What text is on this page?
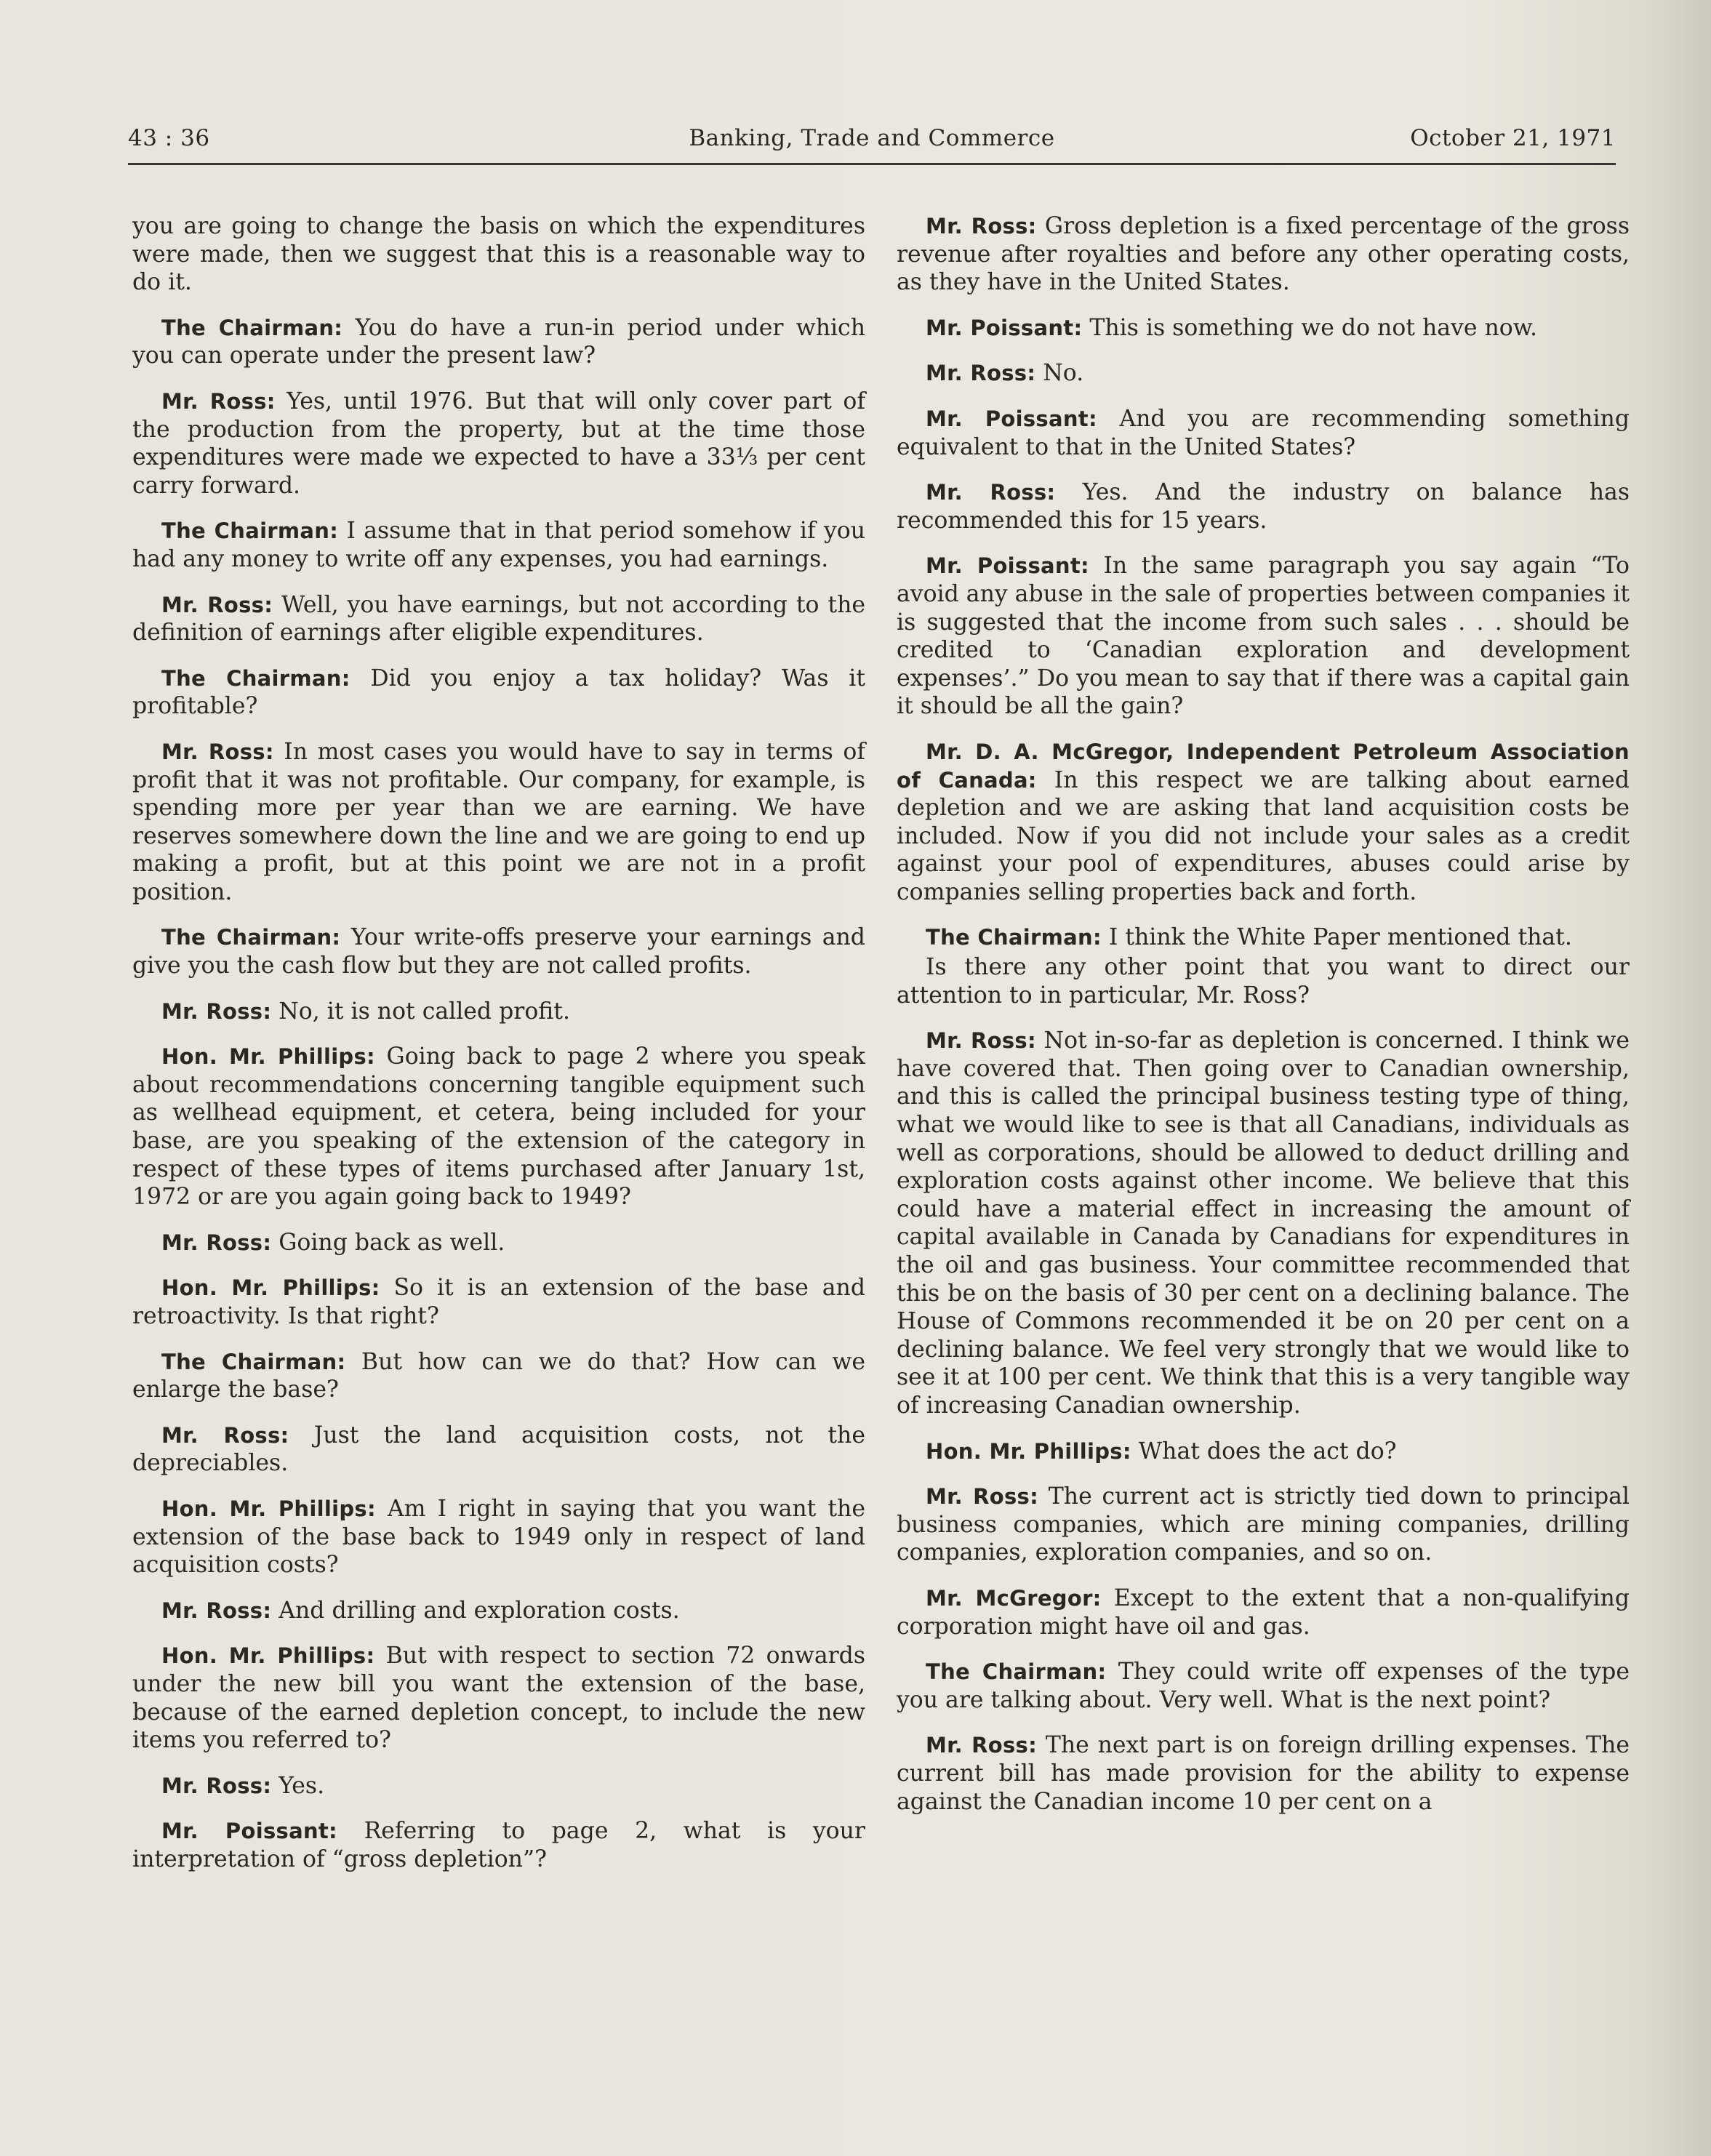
43 : 36	Banking, Trade and Commerce	October 21, 1971

you are going to change the basis on which the expenditures were made, then we suggest that this is a reasonable way to do it.

The Chairman: You do have a run-in period under which you can operate under the present law?

Mr. Ross: Yes, until 1976. But that will only cover part of the production from the property, but at the time those expenditures were made we expected to have a 33⅓ per cent carry forward.

The Chairman: I assume that in that period somehow if you had any money to write off any expenses, you had earnings.

Mr. Ross: Well, you have earnings, but not according to the definition of earnings after eligible expenditures.

The Chairman: Did you enjoy a tax holiday? Was it profitable?

Mr. Ross: In most cases you would have to say in terms of profit that it was not profitable. Our company, for example, is spending more per year than we are earning. We have reserves somewhere down the line and we are going to end up making a profit, but at this point we are not in a profit position.

The Chairman: Your write-offs preserve your earnings and give you the cash flow but they are not called profits.

Mr. Ross: No, it is not called profit.

Hon. Mr. Phillips: Going back to page 2 where you speak about recommendations concerning tangible equipment such as wellhead equipment, et cetera, being included for your base, are you speaking of the extension of the category in respect of these types of items purchased after January 1st, 1972 or are you again going back to 1949?

Mr. Ross: Going back as well.

Hon. Mr. Phillips: So it is an extension of the base and retroactivity. Is that right?

The Chairman: But how can we do that? How can we enlarge the base?

Mr. Ross: Just the land acquisition costs, not the depreciables.

Hon. Mr. Phillips: Am I right in saying that you want the extension of the base back to 1949 only in respect of land acquisition costs?

Mr. Ross: And drilling and exploration costs.

Hon. Mr. Phillips: But with respect to section 72 onwards under the new bill you want the extension of the base, because of the earned depletion concept, to include the new items you referred to?

Mr. Ross: Yes.

Mr. Poissant: Referring to page 2, what is your interpretation of “gross depletion”?

Mr. Ross: Gross depletion is a fixed percentage of the gross revenue after royalties and before any other operating costs, as they have in the United States.

Mr. Poissant: This is something we do not have now.

Mr. Ross: No.

Mr. Poissant: And you are recommending something equivalent to that in the United States?

Mr. Ross: Yes. And the industry on balance has recommended this for 15 years.

Mr. Poissant: In the same paragraph you say again “To avoid any abuse in the sale of properties between companies it is suggested that the income from such sales . . . should be credited to ‘Canadian exploration and development expenses’.” Do you mean to say that if there was a capital gain it should be all the gain?

Mr. D. A. McGregor, Independent Petroleum Association of Canada: In this respect we are talking about earned depletion and we are asking that land acquisition costs be included. Now if you did not include your sales as a credit against your pool of expenditures, abuses could arise by companies selling properties back and forth.

The Chairman: I think the White Paper mentioned that.

Is there any other point that you want to direct our attention to in particular, Mr. Ross?

Mr. Ross: Not in-so-far as depletion is concerned. I think we have covered that. Then going over to Canadian ownership, and this is called the principal business testing type of thing, what we would like to see is that all Canadians, individuals as well as corporations, should be allowed to deduct drilling and exploration costs against other income. We believe that this could have a material effect in increasing the amount of capital available in Canada by Canadians for expenditures in the oil and gas business. Your committee recommended that this be on the basis of 30 per cent on a declining balance. The House of Commons recommended it be on 20 per cent on a declining balance. We feel very strongly that we would like to see it at 100 per cent. We think that this is a very tangible way of increasing Canadian ownership.

Hon. Mr. Phillips: What does the act do?

Mr. Ross: The current act is strictly tied down to principal business companies, which are mining companies, drilling companies, exploration companies, and so on.

Mr. McGregor: Except to the extent that a non-qualifying corporation might have oil and gas.

The Chairman: They could write off expenses of the type you are talking about. Very well. What is the next point?

Mr. Ross: The next part is on foreign drilling expenses. The current bill has made provision for the ability to expense against the Canadian income 10 per cent on a
